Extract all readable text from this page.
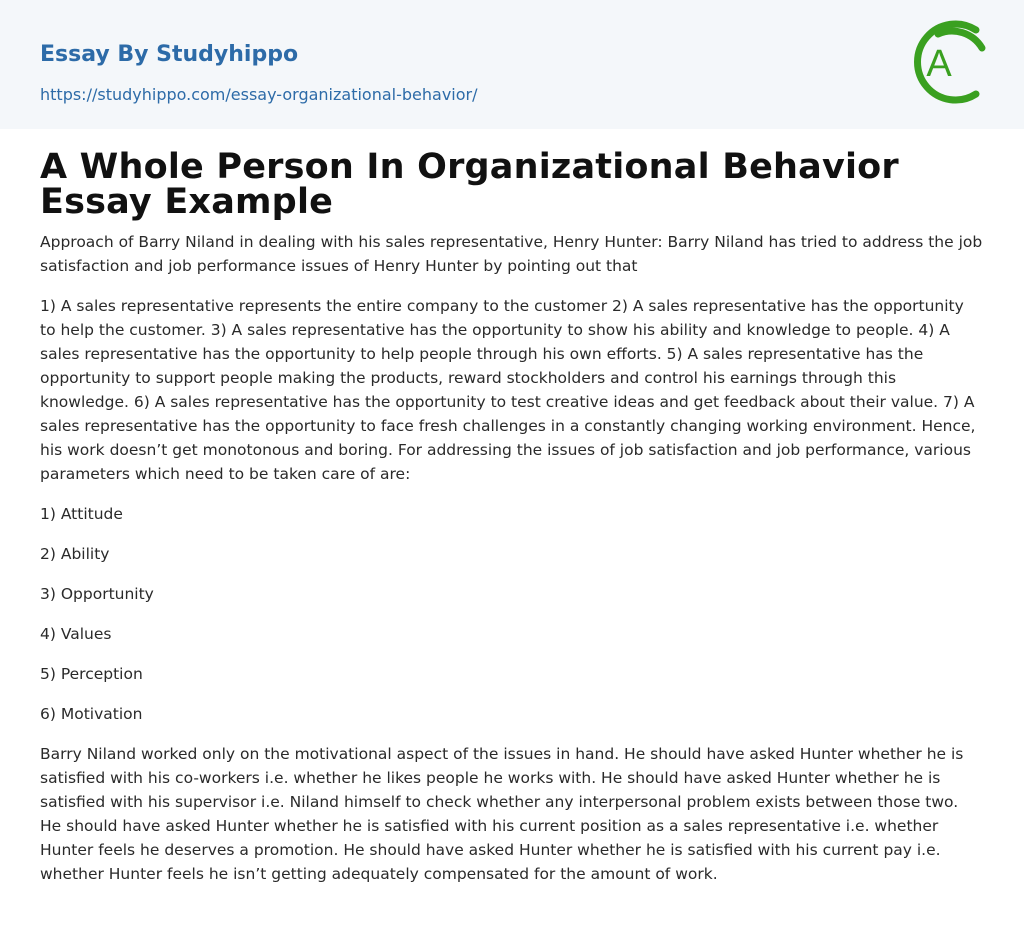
Essay By Studyhippo
https://studyhippo.com/essay-organizational-behavior/
A
A Whole Person In Organizational Behavior Essay Example

Approach of Barry Niland in dealing with his sales representative, Henry Hunter: Barry Niland has tried to address the job satisfaction and job performance issues of Henry Hunter by pointing out that

1) A sales representative represents the entire company to the customer 2) A sales representative has the opportunity to help the customer. 3) A sales representative has the opportunity to show his ability and knowledge to people. 4) A sales representative has the opportunity to help people through his own efforts. 5) A sales representative has the opportunity to support people making the products, reward stockholders and control his earnings through this knowledge. 6) A sales representative has the opportunity to test creative ideas and get feedback about their value. 7) A sales representative has the opportunity to face fresh challenges in a constantly changing working environment. Hence, his work doesn’t get monotonous and boring. For addressing the issues of job satisfaction and job performance, various parameters which need to be taken care of are:

1) Attitude

2) Ability

3) Opportunity

4) Values

5) Perception

6) Motivation

Barry Niland worked only on the motivational aspect of the issues in hand. He should have asked Hunter whether he is satisfied with his co-workers i.e. whether he likes people he works with. He should have asked Hunter whether he is satisfied with his supervisor i.e. Niland himself to check whether any interpersonal problem exists between those two. He should have asked Hunter whether he is satisfied with his current position as a sales representative i.e. whether Hunter feels he deserves a promotion. He should have asked Hunter whether he is satisfied with his current pay i.e. whether Hunter feels he isn’t getting adequately compensated for the amount of work.
